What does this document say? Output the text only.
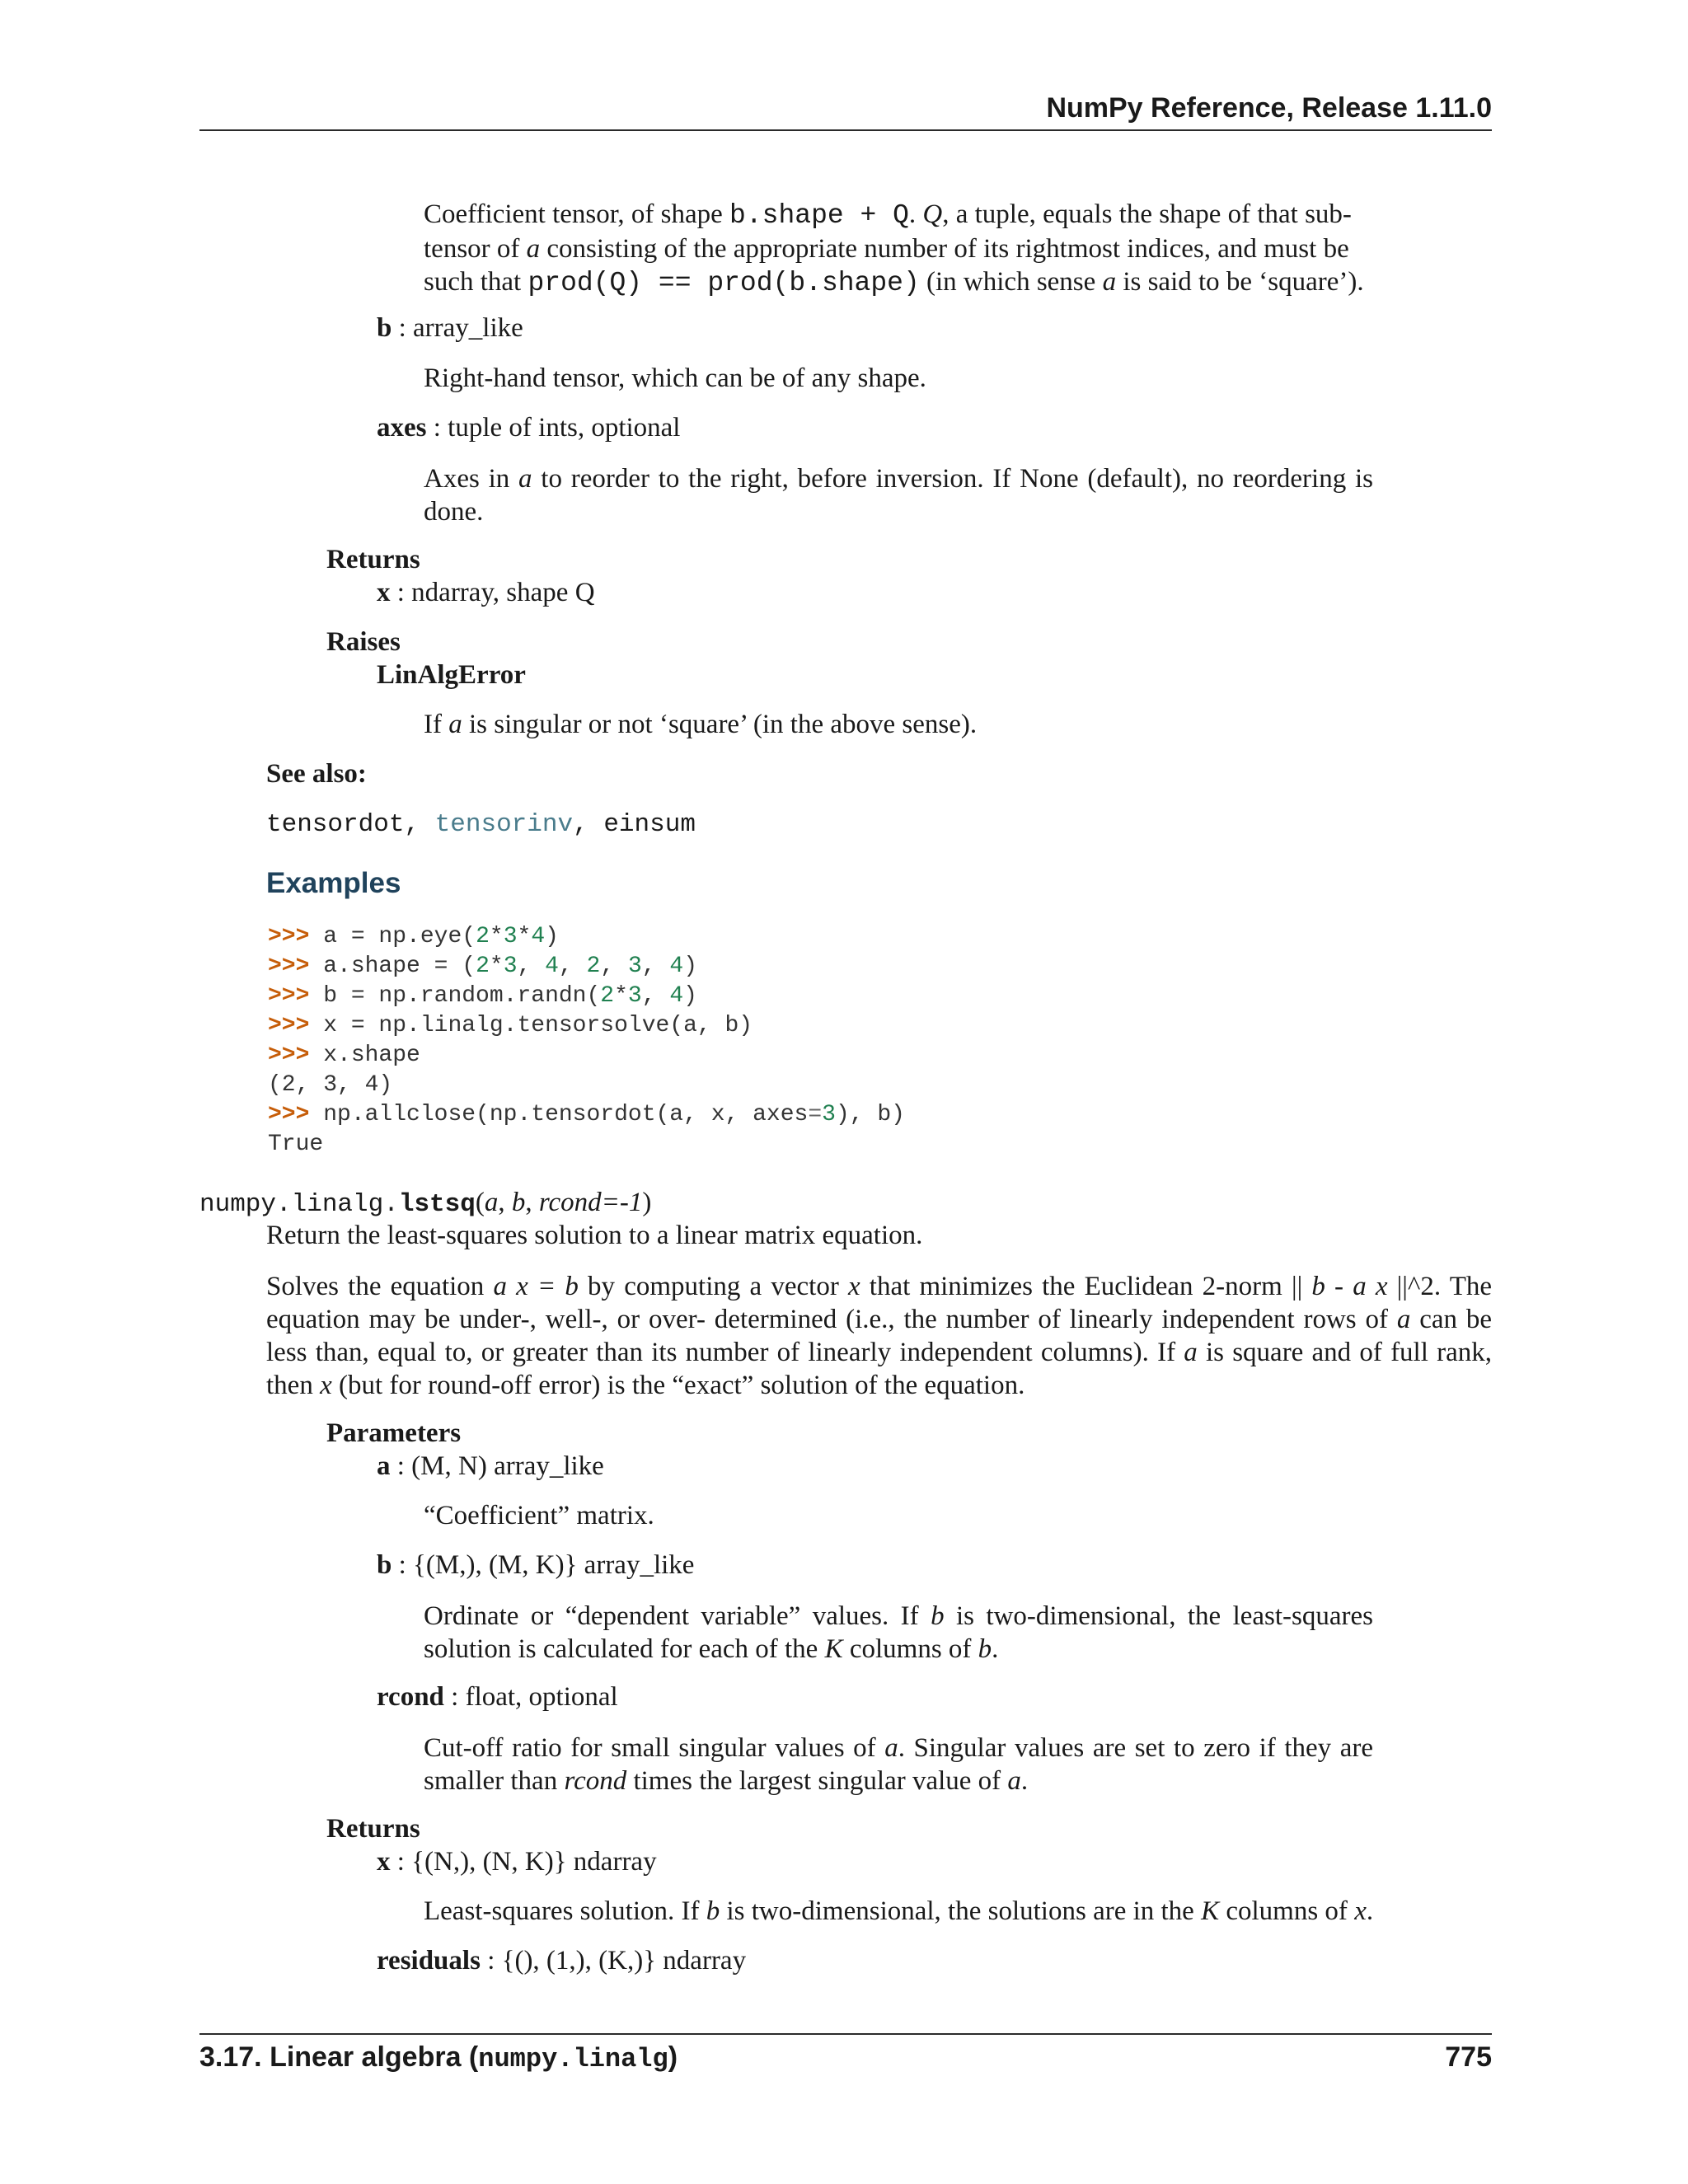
NumPy Reference, Release 1.11.0
Coefficient tensor, of shape b.shape + Q. Q, a tuple, equals the shape of that sub-
tensor of a consisting of the appropriate number of its rightmost indices, and must be
such that prod(Q) == prod(b.shape) (in which sense a is said to be ‘square’).
b : array_like
Right-hand tensor, which can be of any shape.
axes : tuple of ints, optional
Axes in a to reorder to the right, before inversion. If None (default), no reordering is done.
Returns
x : ndarray, shape Q
Raises
LinAlgError
If a is singular or not ‘square’ (in the above sense).
See also:
tensordot, tensorinv, einsum
Examples
>>> a = np.eye(2*3*4)
>>> a.shape = (2*3, 4, 2, 3, 4)
>>> b = np.random.randn(2*3, 4)
>>> x = np.linalg.tensorsolve(a, b)
>>> x.shape
(2, 3, 4)
>>> np.allclose(np.tensordot(a, x, axes=3), b)
True
numpy.linalg.lstsq(a, b, rcond=-1)
Return the least-squares solution to a linear matrix equation.
Solves the equation a x = b by computing a vector x that minimizes the Euclidean 2-norm || b - a x ||^2. The equation may be under-, well-, or over- determined (i.e., the number of linearly independent rows of a can be less than, equal to, or greater than its number of linearly independent columns). If a is square and of full rank, then x (but for round-off error) is the “exact” solution of the equation.
Parameters
a : (M, N) array_like
“Coefficient” matrix.
b : {(M,), (M, K)} array_like
Ordinate or “dependent variable” values. If b is two-dimensional, the least-squares solution is calculated for each of the K columns of b.
rcond : float, optional
Cut-off ratio for small singular values of a. Singular values are set to zero if they are smaller than rcond times the largest singular value of a.
Returns
x : {(N,), (N, K)} ndarray
Least-squares solution. If b is two-dimensional, the solutions are in the K columns of x.
residuals : {(), (1,), (K,)} ndarray
3.17. Linear algebra (numpy.linalg)	775
